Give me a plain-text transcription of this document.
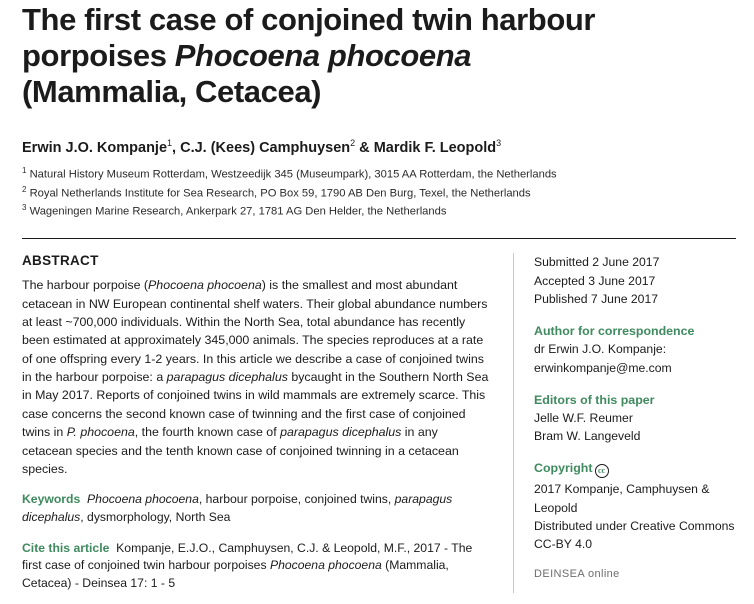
The first case of conjoined twin harbour
porpoises Phocoena phocoena
(Mammalia, Cetacea)
Erwin J.O. Kompanje$^1$, C.J. (Kees) Camphuysen$^2$ & Mardik F. Leopold$^3$
$^1$ Natural History Museum Rotterdam, Westzeedijk 345 (Museumpark), 3015 AA Rotterdam, the Netherlands
$^2$ Royal Netherlands Institute for Sea Research, PO Box 59, 1790 AB Den Burg, Texel, the Netherlands
$^3$ Wageningen Marine Research, Ankerpark 27, 1781 AG Den Helder, the Netherlands
ABSTRACT

The harbour porpoise (Phocoena phocoena) is the smallest and most abundant cetacean in NW European continental shelf waters. Their global abundance numbers at least ~700,000 individuals. Within the North Sea, total abundance has recently been estimated at approximately 345,000 animals. The species reproduces at a rate of one offspring every 1-2 years. In this article we describe a case of conjoined twins in the harbour porpoise: a parapagus dicephalus bycaught in the Southern North Sea in May 2017. Reports of conjoined twins in wild mammals are extremely scarce. This case concerns the second known case of twinning and the first case of conjoined twins in P. phocoena, the fourth known case of parapagus dicephalus in any cetacean species and the tenth known case of conjoined twinning in a cetacean species.

Keywords Phocoena phocoena, harbour porpoise, conjoined twins, parapagus dicephalus, dysmorphology, North Sea
Cite this article Kompanje, E.J.O., Camphuysen, C.J. & Leopold, M.F., 2017 - The first case of conjoined twin harbour porpoises Phocoena phocoena (Mammalia, Cetacea) - Deinsea 17: 1 - 5
Submitted 2 June 2017
Accepted 3 June 2017
Published 7 June 2017
Author for correspondence
dr Erwin J.O. Kompanje:
erwinkompanje@me.com
Editors of this paper
Jelle W.F. Reumer
Bram W. Langeveld
Copyright cc
2017 Kompanje, Camphuysen & Leopold
Distributed under Creative Commons CC-BY 4.0
DEINSEA online
